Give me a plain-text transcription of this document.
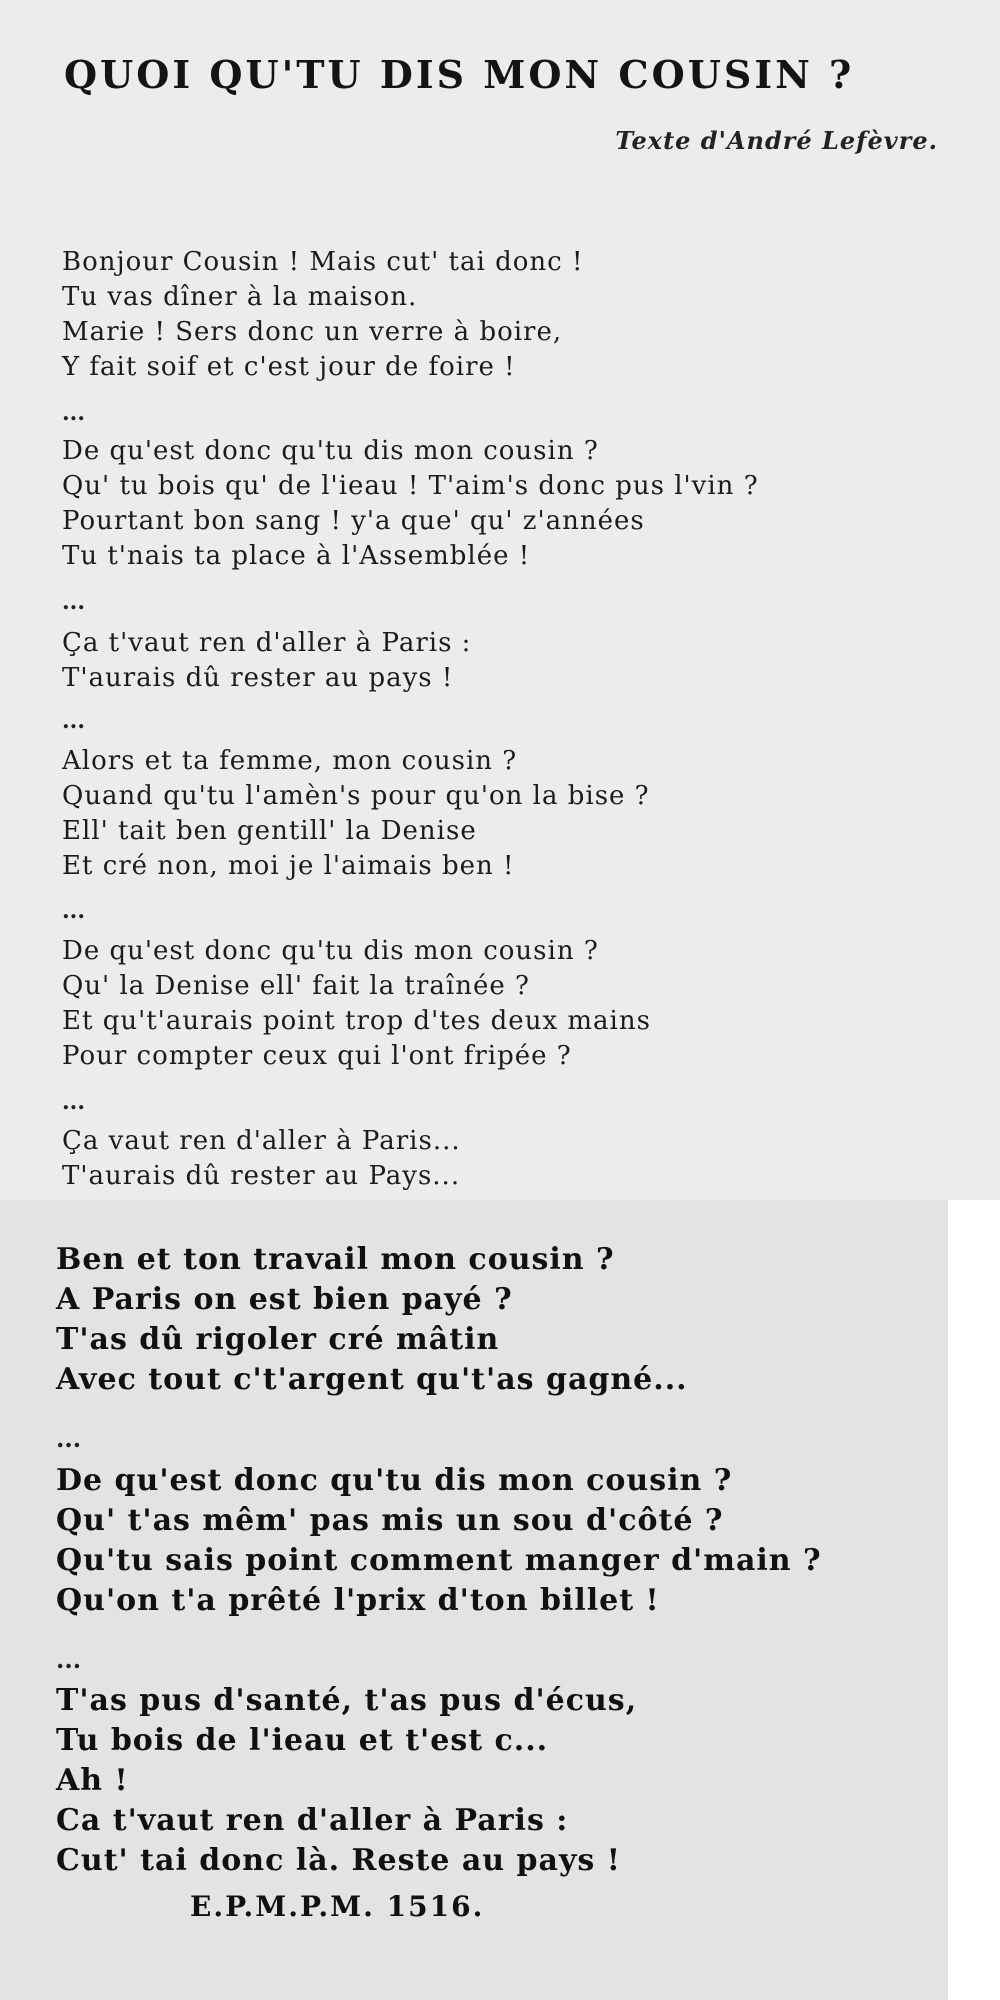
QUOI QU'TU DIS MON COUSIN ?
Texte d'André Lefèvre.
Bonjour Cousin ! Mais cut' tai donc !
Tu vas dîner à la maison.
Marie ! Sers donc un verre à boire,
Y fait soif et c'est jour de foire !
...
De qu'est donc qu'tu dis mon cousin ?
Qu' tu bois qu' de l'ieau ! T'aim's donc pus l'vin ?
Pourtant bon sang ! y'a que' qu' z'années
Tu t'nais ta place à l'Assemblée !
...
Ça t'vaut ren d'aller à Paris :
T'aurais dû rester au pays !
...
Alors et ta femme, mon cousin ?
Quand qu'tu l'amèn's pour qu'on la bise ?
Ell' tait ben gentill' la Denise
Et cré non, moi je l'aimais ben !
...
De qu'est donc qu'tu dis mon cousin ?
Qu' la Denise ell' fait la traînée ?
Et qu't'aurais point trop d'tes deux mains
Pour compter ceux qui l'ont fripée ?
...
Ça vaut ren d'aller à Paris...
T'aurais dû rester au Pays...
Ben et ton travail mon cousin ?
A Paris on est bien payé ?
T'as dû rigoler cré mâtin
Avec tout c't'argent qu't'as gagné...
...
De qu'est donc qu'tu dis mon cousin ?
Qu' t'as mêm' pas mis un sou d'côté ?
Qu'tu sais point comment manger d'main ?
Qu'on t'a prêté l'prix d'ton billet !
...
T'as pus d'santé, t'as pus d'écus,
Tu bois de l'ieau et t'est c...
Ah !
Ca t'vaut ren d'aller à Paris :
Cut' tai donc là. Reste au pays !
E.P.M.P.M. 1516.
